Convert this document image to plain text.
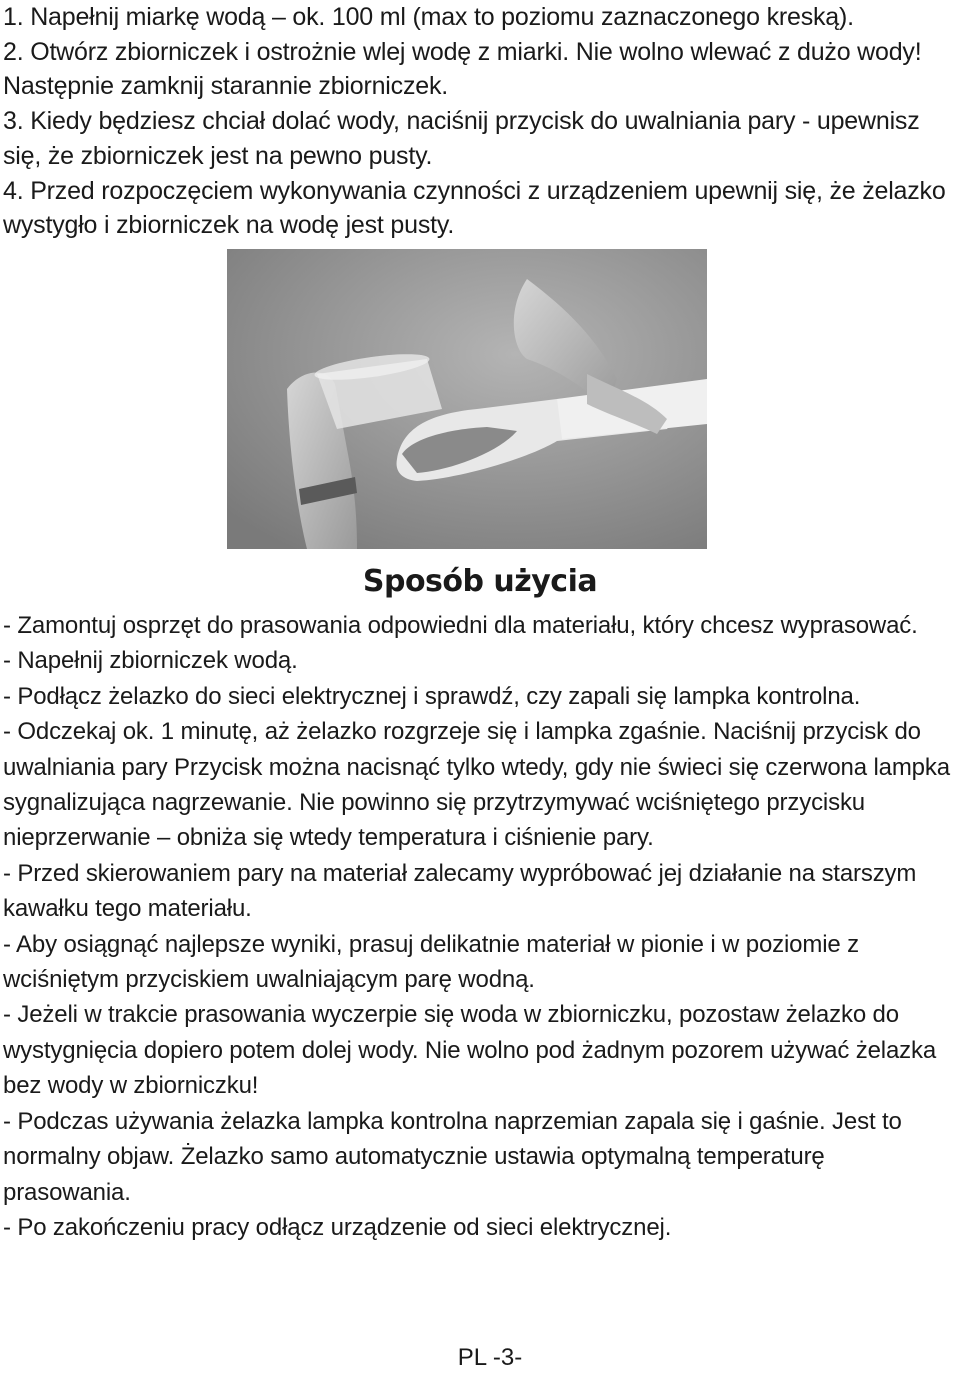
1. Napełnij miarkę wodą – ok. 100 ml (max to poziomu zaznaczonego kreską).

2. Otwórz zbiorniczek i ostrożnie wlej wodę z miarki. Nie wolno wlewać z dużo wody! Następnie zamknij starannie zbiorniczek.

3. Kiedy będziesz chciał dolać wody, naciśnij przycisk do uwalniania pary - upewnisz się, że zbiorniczek jest na pewno pusty.

4. Przed rozpoczęciem wykonywania czynności z urządzeniem upewnij się, że żelazko wystygło i zbiorniczek na wodę jest pusty.

Sposób użycia

- Zamontuj osprzęt do prasowania odpowiedni dla materiału, który chcesz wyprasować.

- Napełnij zbiorniczek wodą.

- Podłącz żelazko do sieci elektrycznej i sprawdź, czy zapali się lampka kontrolna.

- Odczekaj ok. 1 minutę, aż żelazko rozgrzeje się i lampka zgaśnie. Naciśnij przycisk do uwalniania pary Przycisk można nacisnąć tylko wtedy, gdy nie świeci się czerwona lampka sygnalizująca nagrzewanie. Nie powinno się przytrzymywać wciśniętego przycisku nieprzerwanie – obniża się wtedy temperatura i ciśnienie pary.

- Przed skierowaniem pary na materiał zalecamy wypróbować jej działanie na starszym kawałku tego materiału.

- Aby osiągnąć najlepsze wyniki, prasuj delikatnie materiał w pionie i w poziomie z wciśniętym przyciskiem uwalniającym parę wodną.

- Jeżeli w trakcie prasowania wyczerpie się woda w zbiorniczku, pozostaw żelazko do wystygnięcia dopiero potem dolej wody. Nie wolno pod żadnym pozorem używać żelazka bez wody w zbiorniczku!

- Podczas używania żelazka lampka kontrolna naprzemian zapala się i gaśnie. Jest to normalny objaw. Żelazko samo automatycznie ustawia optymalną temperaturę prasowania.

- Po zakończeniu pracy odłącz urządzenie od sieci elektrycznej.

PL -3-
